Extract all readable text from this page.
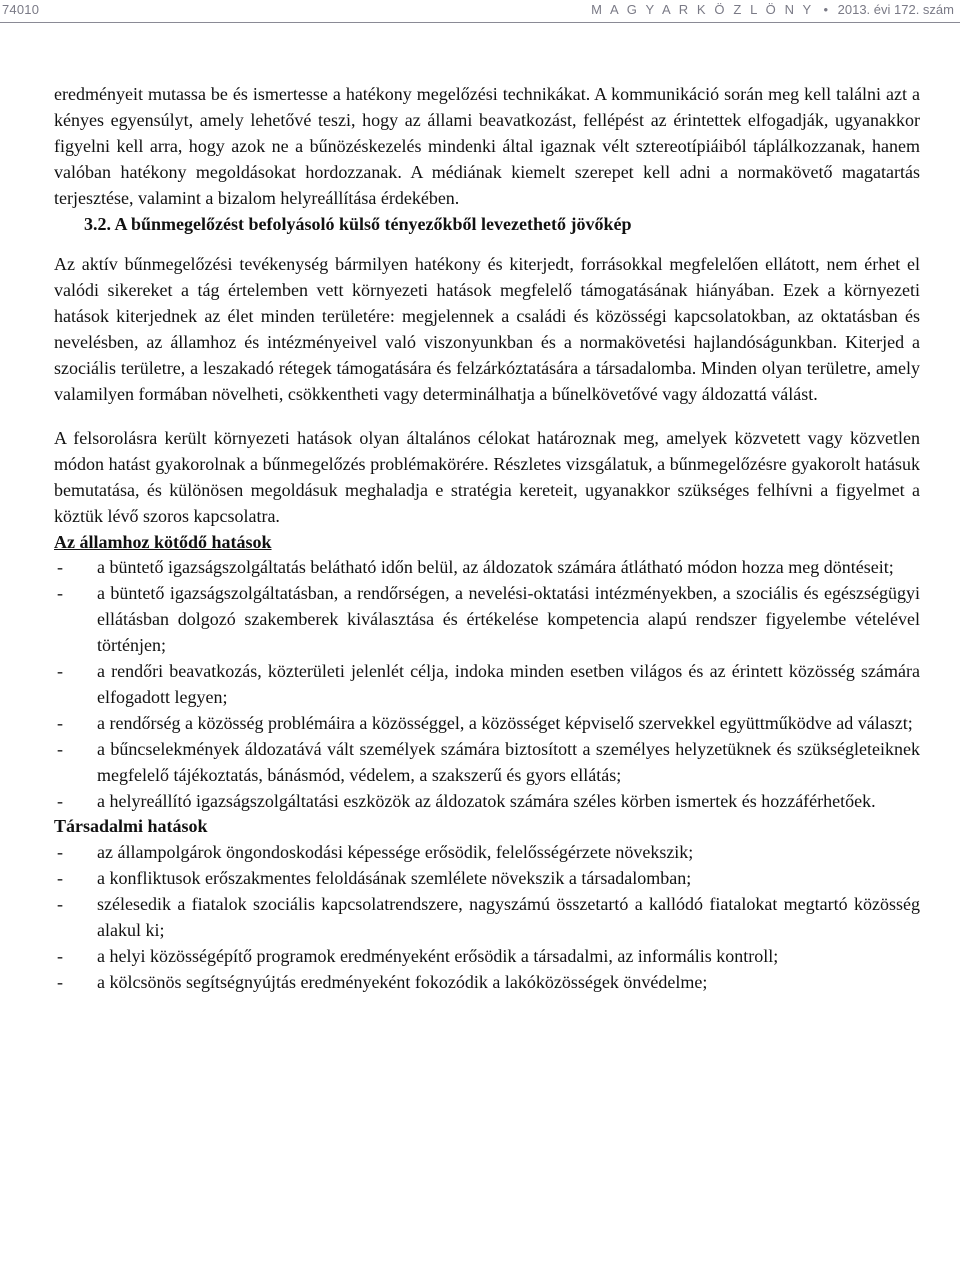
74010	M A G Y A R K Ö Z L Ö N Y • 2013. évi 172. szám

eredményeit mutassa be és ismertesse a hatékony megelőzési technikákat. A kommunikáció során meg kell találni azt a kényes egyensúlyt, amely lehetővé teszi, hogy az állami beavatkozást, fellépést az érintettek elfogadják, ugyanakkor figyelni kell arra, hogy azok ne a bűnözéskezelés mindenki által igaznak vélt sztereotípiáiból táplálkozzanak, hanem valóban hatékony megoldásokat hordozzanak. A médiának kiemelt szerepet kell adni a normakövető magatartás terjesztése, valamint a bizalom helyreállítása érdekében.

3.2. A bűnmegelőzést befolyásoló külső tényezőkből levezethető jövőkép

Az aktív bűnmegelőzési tevékenység bármilyen hatékony és kiterjedt, forrásokkal megfelelően ellátott, nem érhet el valódi sikereket a tág értelemben vett környezeti hatások megfelelő támogatásának hiányában. Ezek a környezeti hatások kiterjednek az élet minden területére: megjelennek a családi és közösségi kapcsolatokban, az oktatásban és nevelésben, az államhoz és intézményeivel való viszonyunkban és a normakövetési hajlandóságunkban. Kiterjed a szociális területre, a leszakadó rétegek támogatására és felzárkóztatására a társadalomba. Minden olyan területre, amely valamilyen formában növelheti, csökkentheti vagy determinálhatja a bűnelkövetővé vagy áldozattá válást.

A felsorolásra került környezeti hatások olyan általános célokat határoznak meg, amelyek közvetett vagy közvetlen módon hatást gyakorolnak a bűnmegelőzés problémakörére. Részletes vizsgálatuk, a bűnmegelőzésre gyakorolt hatásuk bemutatása, és különösen megoldásuk meghaladja e stratégia kereteit, ugyanakkor szükséges felhívni a figyelmet a köztük lévő szoros kapcsolatra.

Az államhoz kötődő hatások

- a büntető igazságszolgáltatás belátható időn belül, az áldozatok számára átlátható módon hozza meg döntéseit;
- a büntető igazságszolgáltatásban, a rendőrségen, a nevelési-oktatási intézményekben, a szociális és egészségügyi ellátásban dolgozó szakemberek kiválasztása és értékelése kompetencia alapú rendszer figyelembe vételével történjen;
- a rendőri beavatkozás, közterületi jelenlét célja, indoka minden esetben világos és az érintett közösség számára elfogadott legyen;
- a rendőrség a közösség problémáira a közösséggel, a közösséget képviselő szervekkel együttműködve ad választ;
- a bűncselekmények áldozatává vált személyek számára biztosított a személyes helyzetüknek és szükségleteiknek megfelelő tájékoztatás, bánásmód, védelem, a szakszerű és gyors ellátás;
- a helyreállító igazságszolgáltatási eszközök az áldozatok számára széles körben ismertek és hozzáférhetőek.

Társadalmi hatások

- az állampolgárok öngondoskodási képessége erősödik, felelősségérzete növekszik;
- a konfliktusok erőszakmentes feloldásának szemlélete növekszik a társadalomban;
- szélesedik a fiatalok szociális kapcsolatrendszere, nagyszámú összetartó a kallódó fiatalokat megtartó közösség alakul ki;
- a helyi közösségépítő programok eredményeként erősödik a társadalmi, az informális kontroll;
- a kölcsönös segítségnyújtás eredményeként fokozódik a lakóközösségek önvédelme;
